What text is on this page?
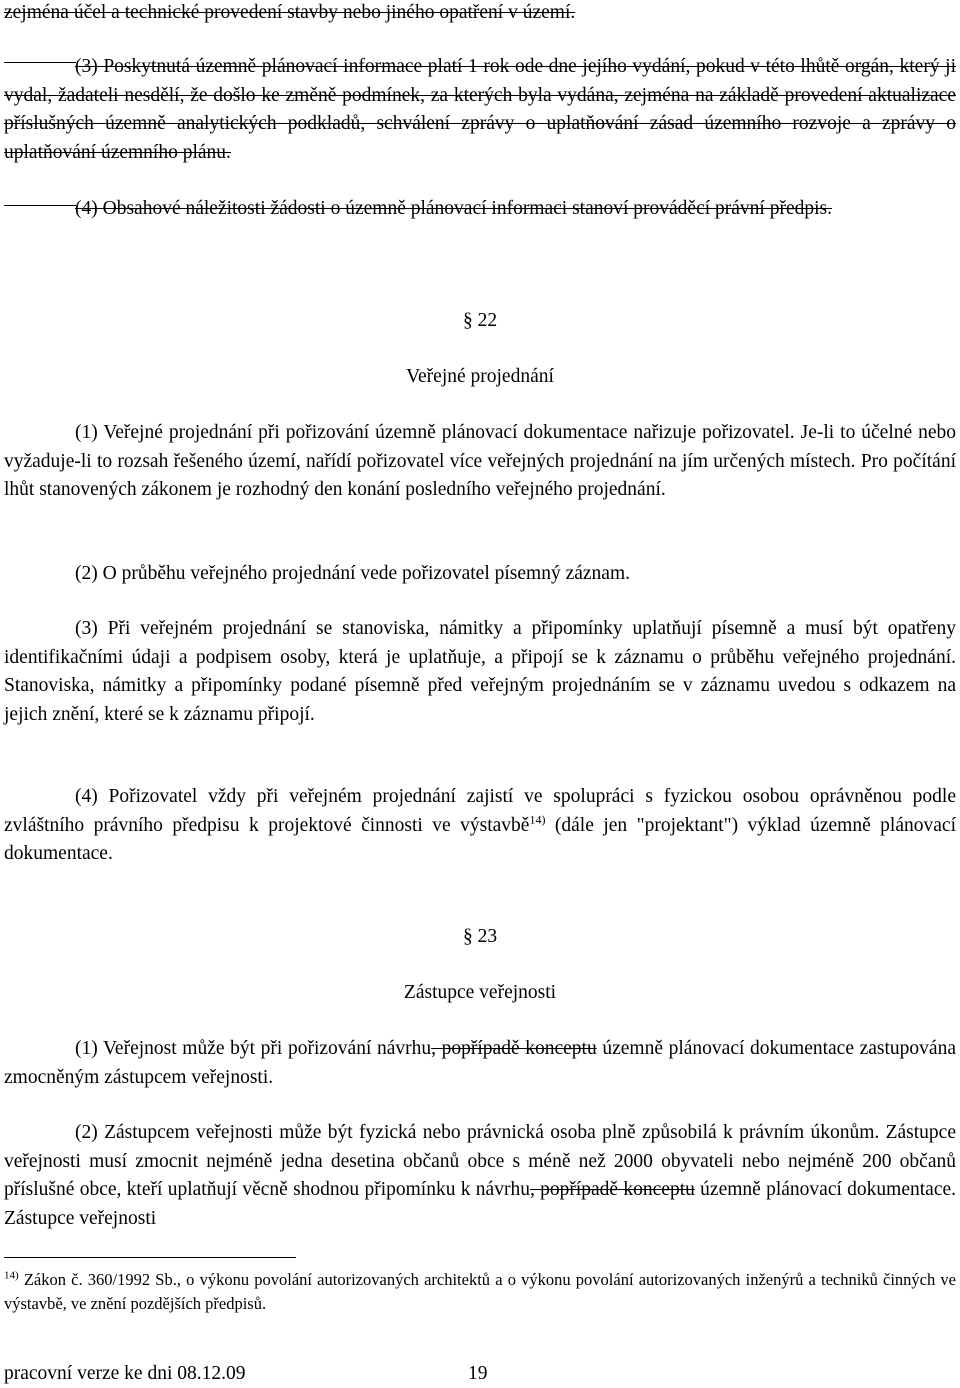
zejména účel a technické provedení stavby nebo jiného opatření v území.

(3) Poskytnutá územně plánovací informace platí 1 rok ode dne jejího vydání, pokud v této lhůtě orgán, který ji vydal, žadateli nesdělí, že došlo ke změně podmínek, za kterých byla vydána, zejména na základě provedení aktualizace příslušných územně analytických podkladů, schválení zprávy o uplatňování zásad územního rozvoje a zprávy o uplatňování územního plánu.

(4) Obsahové náležitosti žádosti o územně plánovací informaci stanoví prováděcí právní předpis.

§ 22

Veřejné projednání

(1) Veřejné projednání při pořizování územně plánovací dokumentace nařizuje pořizovatel. Je-li to účelné nebo vyžaduje-li to rozsah řešeného území, nařídí pořizovatel více veřejných projednání na jím určených místech. Pro počítání lhůt stanovených zákonem je rozhodný den konání posledního veřejného projednání.

(2) O průběhu veřejného projednání vede pořizovatel písemný záznam.

(3) Při veřejném projednání se stanoviska, námitky a připomínky uplatňují písemně a musí být opatřeny identifikačními údaji a podpisem osoby, která je uplatňuje, a připojí se k záznamu o průběhu veřejného projednání. Stanoviska, námitky a připomínky podané písemně před veřejným projednáním se v záznamu uvedou s odkazem na jejich znění, které se k záznamu připojí.

(4) Pořizovatel vždy při veřejném projednání zajistí ve spolupráci s fyzickou osobou oprávněnou podle zvláštního právního předpisu k projektové činnosti ve výstavbě$^{14)}$ (dále jen "projektant") výklad územně plánovací dokumentace.

§ 23

Zástupce veřejnosti

(1) Veřejnost může být při pořizování návrhu, popřípadě konceptu územně plánovací dokumentace zastupována zmocněným zástupcem veřejnosti.

(2) Zástupcem veřejnosti může být fyzická nebo právnická osoba plně způsobilá k právním úkonům. Zástupce veřejnosti musí zmocnit nejméně jedna desetina občanů obce s méně než 2000 obyvateli nebo nejméně 200 občanů příslušné obce, kteří uplatňují věcně shodnou připomínku k návrhu, popřípadě konceptu územně plánovací dokumentace. Zástupce veřejnosti

$^{14)}$ Zákon č. 360/1992 Sb., o výkonu povolání autorizovaných architektů a o výkonu povolání autorizovaných inženýrů a techniků činných ve výstavbě, ve znění pozdějších předpisů.

pracovní verze ke dni 08.12.09	19
